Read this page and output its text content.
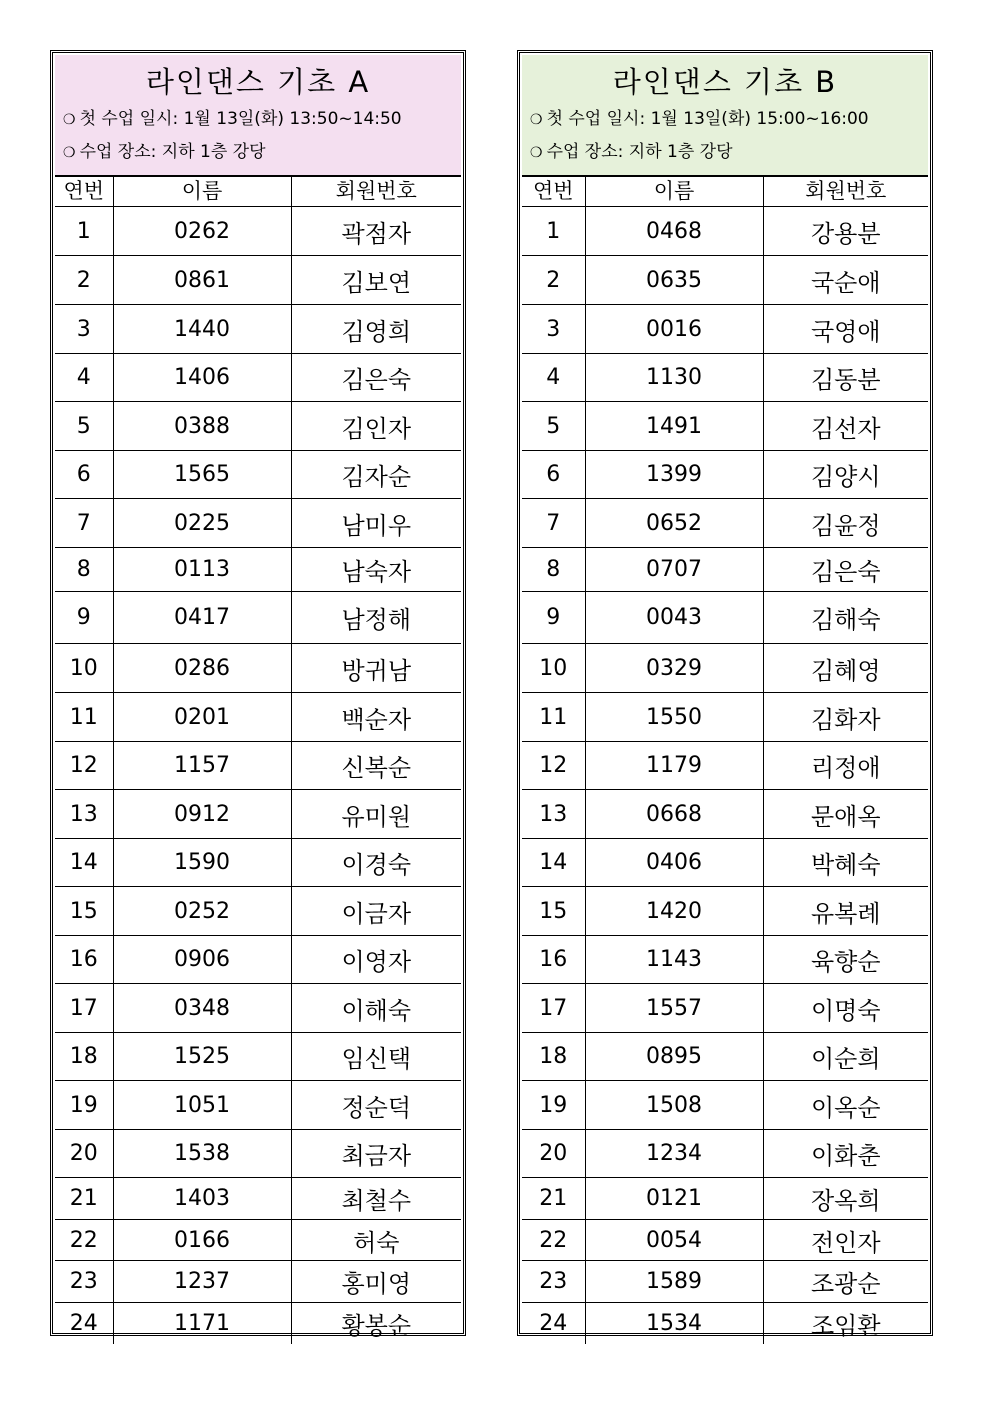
라인댄스 기초 A
❍ 첫 수업 일시: 1월 13일(화) 13:50~14:50
❍ 수업 장소: 지하 1층 강당
연번	이름	회원번호
1	0262	곽점자
2	0861	김보연
3	1440	김영희
4	1406	김은숙
5	0388	김인자
6	1565	김자순
7	0225	남미우
8	0113	남숙자
9	0417	남정해
10	0286	방귀남
11	0201	백순자
12	1157	신복순
13	0912	유미원
14	1590	이경숙
15	0252	이금자
16	0906	이영자
17	0348	이해숙
18	1525	임신택
19	1051	정순덕
20	1538	최금자
21	1403	최철수
22	0166	허숙
23	1237	홍미영
24	1171	황봉순
라인댄스 기초 B
❍ 첫 수업 일시: 1월 13일(화) 15:00~16:00
❍ 수업 장소: 지하 1층 강당
연번	이름	회원번호
1	0468	강용분
2	0635	국순애
3	0016	국영애
4	1130	김동분
5	1491	김선자
6	1399	김양시
7	0652	김윤정
8	0707	김은숙
9	0043	김해숙
10	0329	김혜영
11	1550	김화자
12	1179	리정애
13	0668	문애옥
14	0406	박혜숙
15	1420	유복례
16	1143	육향순
17	1557	이명숙
18	0895	이순희
19	1508	이옥순
20	1234	이화춘
21	0121	장옥희
22	0054	전인자
23	1589	조광순
24	1534	조임환
